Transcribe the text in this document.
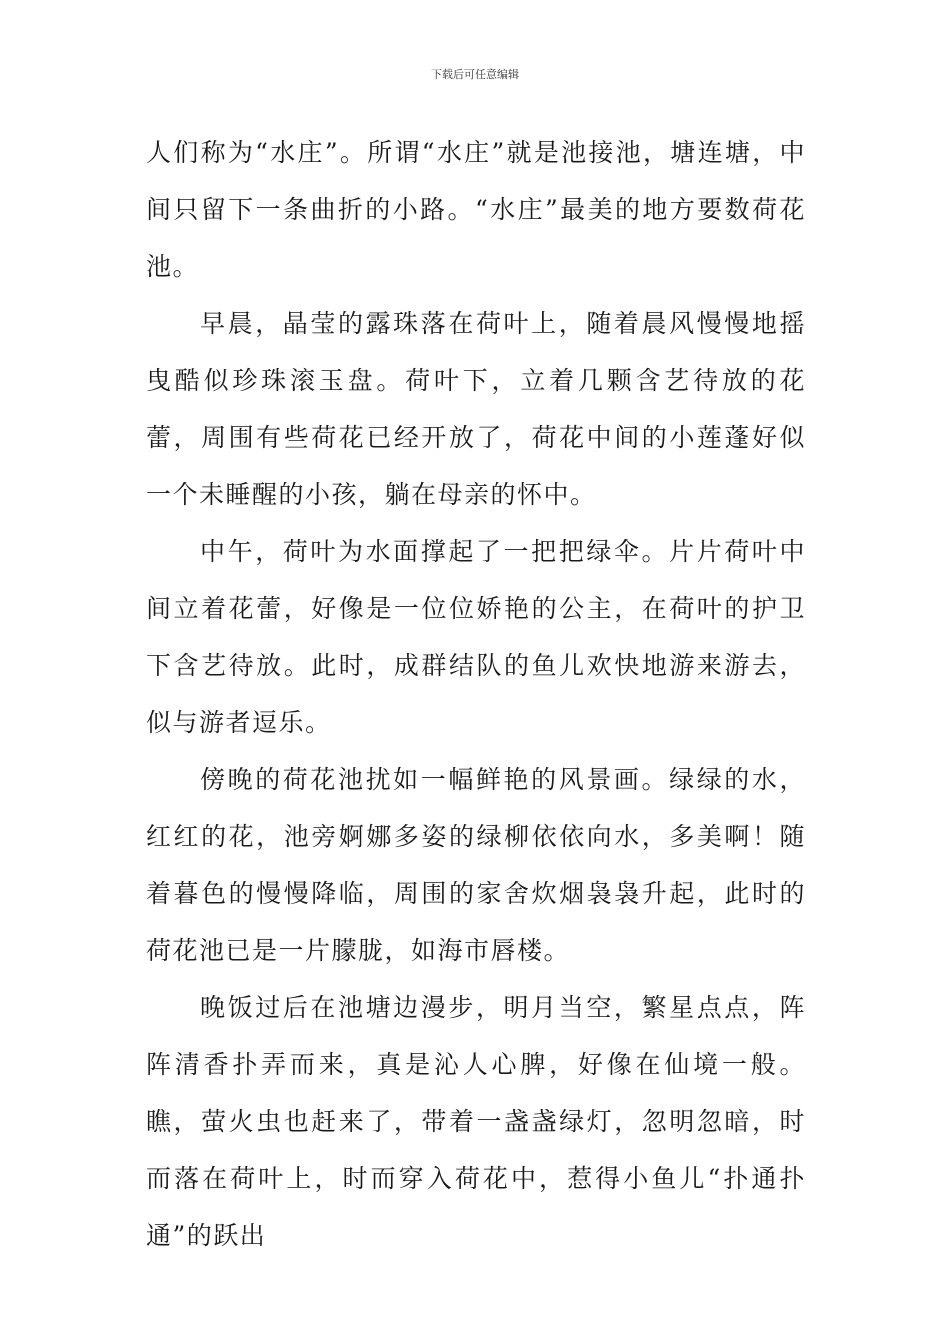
下载后可任意编辑

人们称为“水庄”。所谓“水庄”就是池接池，塘连塘，中间只留下一条曲折的小路。“水庄”最美的地方要数荷花池。

早晨，晶莹的露珠落在荷叶上，随着晨风慢慢地摇曳酷似珍珠滚玉盘。荷叶下，立着几颗含艺待放的花蕾，周围有些荷花已经开放了，荷花中间的小莲蓬好似一个未睡醒的小孩，躺在母亲的怀中。

中午，荷叶为水面撑起了一把把绿伞。片片荷叶中间立着花蕾，好像是一位位娇艳的公主，在荷叶的护卫下含艺待放。此时，成群结队的鱼儿欢快地游来游去，似与游者逗乐。

傍晚的荷花池扰如一幅鲜艳的风景画。绿绿的水，红红的花，池旁婀娜多姿的绿柳依依向水，多美啊！随着暮色的慢慢降临，周围的家舍炊烟袅袅升起，此时的荷花池已是一片朦胧，如海市唇楼。

晚饭过后在池塘边漫步，明月当空，繁星点点，阵阵清香扑弄而来，真是沁人心脾，好像在仙境一般。瞧，萤火虫也赶来了，带着一盏盏绿灯，忽明忽暗，时而落在荷叶上，时而穿入荷花中，惹得小鱼儿“扑通扑通”的跃出
